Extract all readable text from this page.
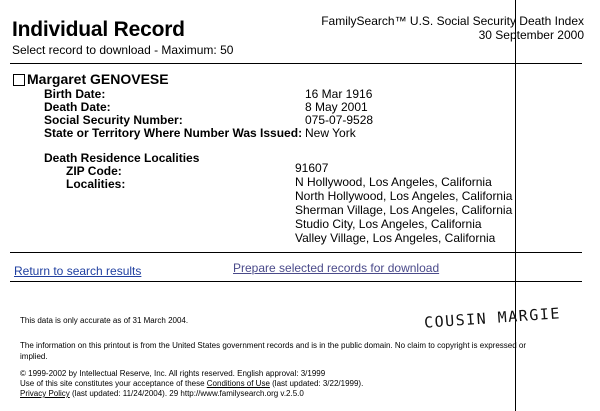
Individual Record
Select record to download - Maximum: 50
FamilySearch™ U.S. Social Security Death Index
30 September 2000
Margaret GENOVESE
Birth Date:	16 Mar 1916
Death Date:	8 May 2001
Social Security Number:	075-07-9528
State or Territory Where Number Was Issued: New York
Death Residence Localities
ZIP Code:	91607
Localities:	N Hollywood, Los Angeles, California
North Hollywood, Los Angeles, California
Sherman Village, Los Angeles, California
Studio City, Los Angeles, California
Valley Village, Los Angeles, California
Return to search results	Prepare selected records for download
This data is only accurate as of 31 March 2004.
The information on this printout is from the United States government records and is in the public domain. No claim to copyright is expressed or
implied.
© 1999-2002 by Intellectual Reserve, Inc. All rights reserved. English approval: 3/1999
Use of this site constitutes your acceptance of these Conditions of Use (last updated: 3/22/1999).
Privacy Policy (last updated: 11/24/2004). 29 http://www.familysearch.org v.2.5.0
COUSIN MARGIE
